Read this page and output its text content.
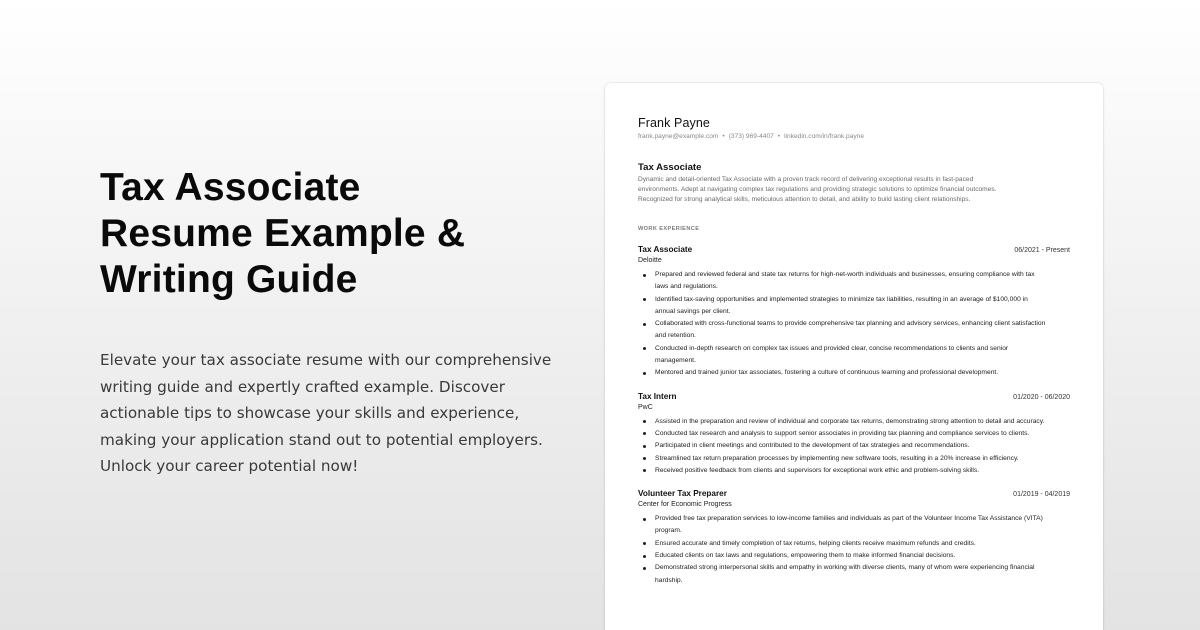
Tax Associate
Resume Example &
Writing Guide

Elevate your tax associate resume with our comprehensive
writing guide and expertly crafted example. Discover
actionable tips to showcase your skills and experience,
making your application stand out to potential employers.
Unlock your career potential now!

Frank Payne
frank.payne@example.com • (373) 969-4407 • linkedin.com/in/frank.payne
Tax Associate
Dynamic and detail-oriented Tax Associate with a proven track record of delivering exceptional results in fast-paced
environments. Adept at navigating complex tax regulations and providing strategic solutions to optimize financial outcomes.
Recognized for strong analytical skills, meticulous attention to detail, and ability to build lasting client relationships.
WORK EXPERIENCE
Tax Associate	06/2021 - Present
Deloitte
Prepared and reviewed federal and state tax returns for high-net-worth individuals and businesses, ensuring compliance with tax laws and regulations.
Identified tax-saving opportunities and implemented strategies to minimize tax liabilities, resulting in an average of $100,000 in annual savings per client.
Collaborated with cross-functional teams to provide comprehensive tax planning and advisory services, enhancing client satisfaction and retention.
Conducted in-depth research on complex tax issues and provided clear, concise recommendations to clients and senior management.
Mentored and trained junior tax associates, fostering a culture of continuous learning and professional development.
Tax Intern	01/2020 - 06/2020
PwC
Assisted in the preparation and review of individual and corporate tax returns, demonstrating strong attention to detail and accuracy.
Conducted tax research and analysis to support senior associates in providing tax planning and compliance services to clients.
Participated in client meetings and contributed to the development of tax strategies and recommendations.
Streamlined tax return preparation processes by implementing new software tools, resulting in a 20% increase in efficiency.
Received positive feedback from clients and supervisors for exceptional work ethic and problem-solving skills.
Volunteer Tax Preparer	01/2019 - 04/2019
Center for Economic Progress
Provided free tax preparation services to low-income families and individuals as part of the Volunteer Income Tax Assistance (VITA) program.
Ensured accurate and timely completion of tax returns, helping clients receive maximum refunds and credits.
Educated clients on tax laws and regulations, empowering them to make informed financial decisions.
Demonstrated strong interpersonal skills and empathy in working with diverse clients, many of whom were experiencing financial hardship.
